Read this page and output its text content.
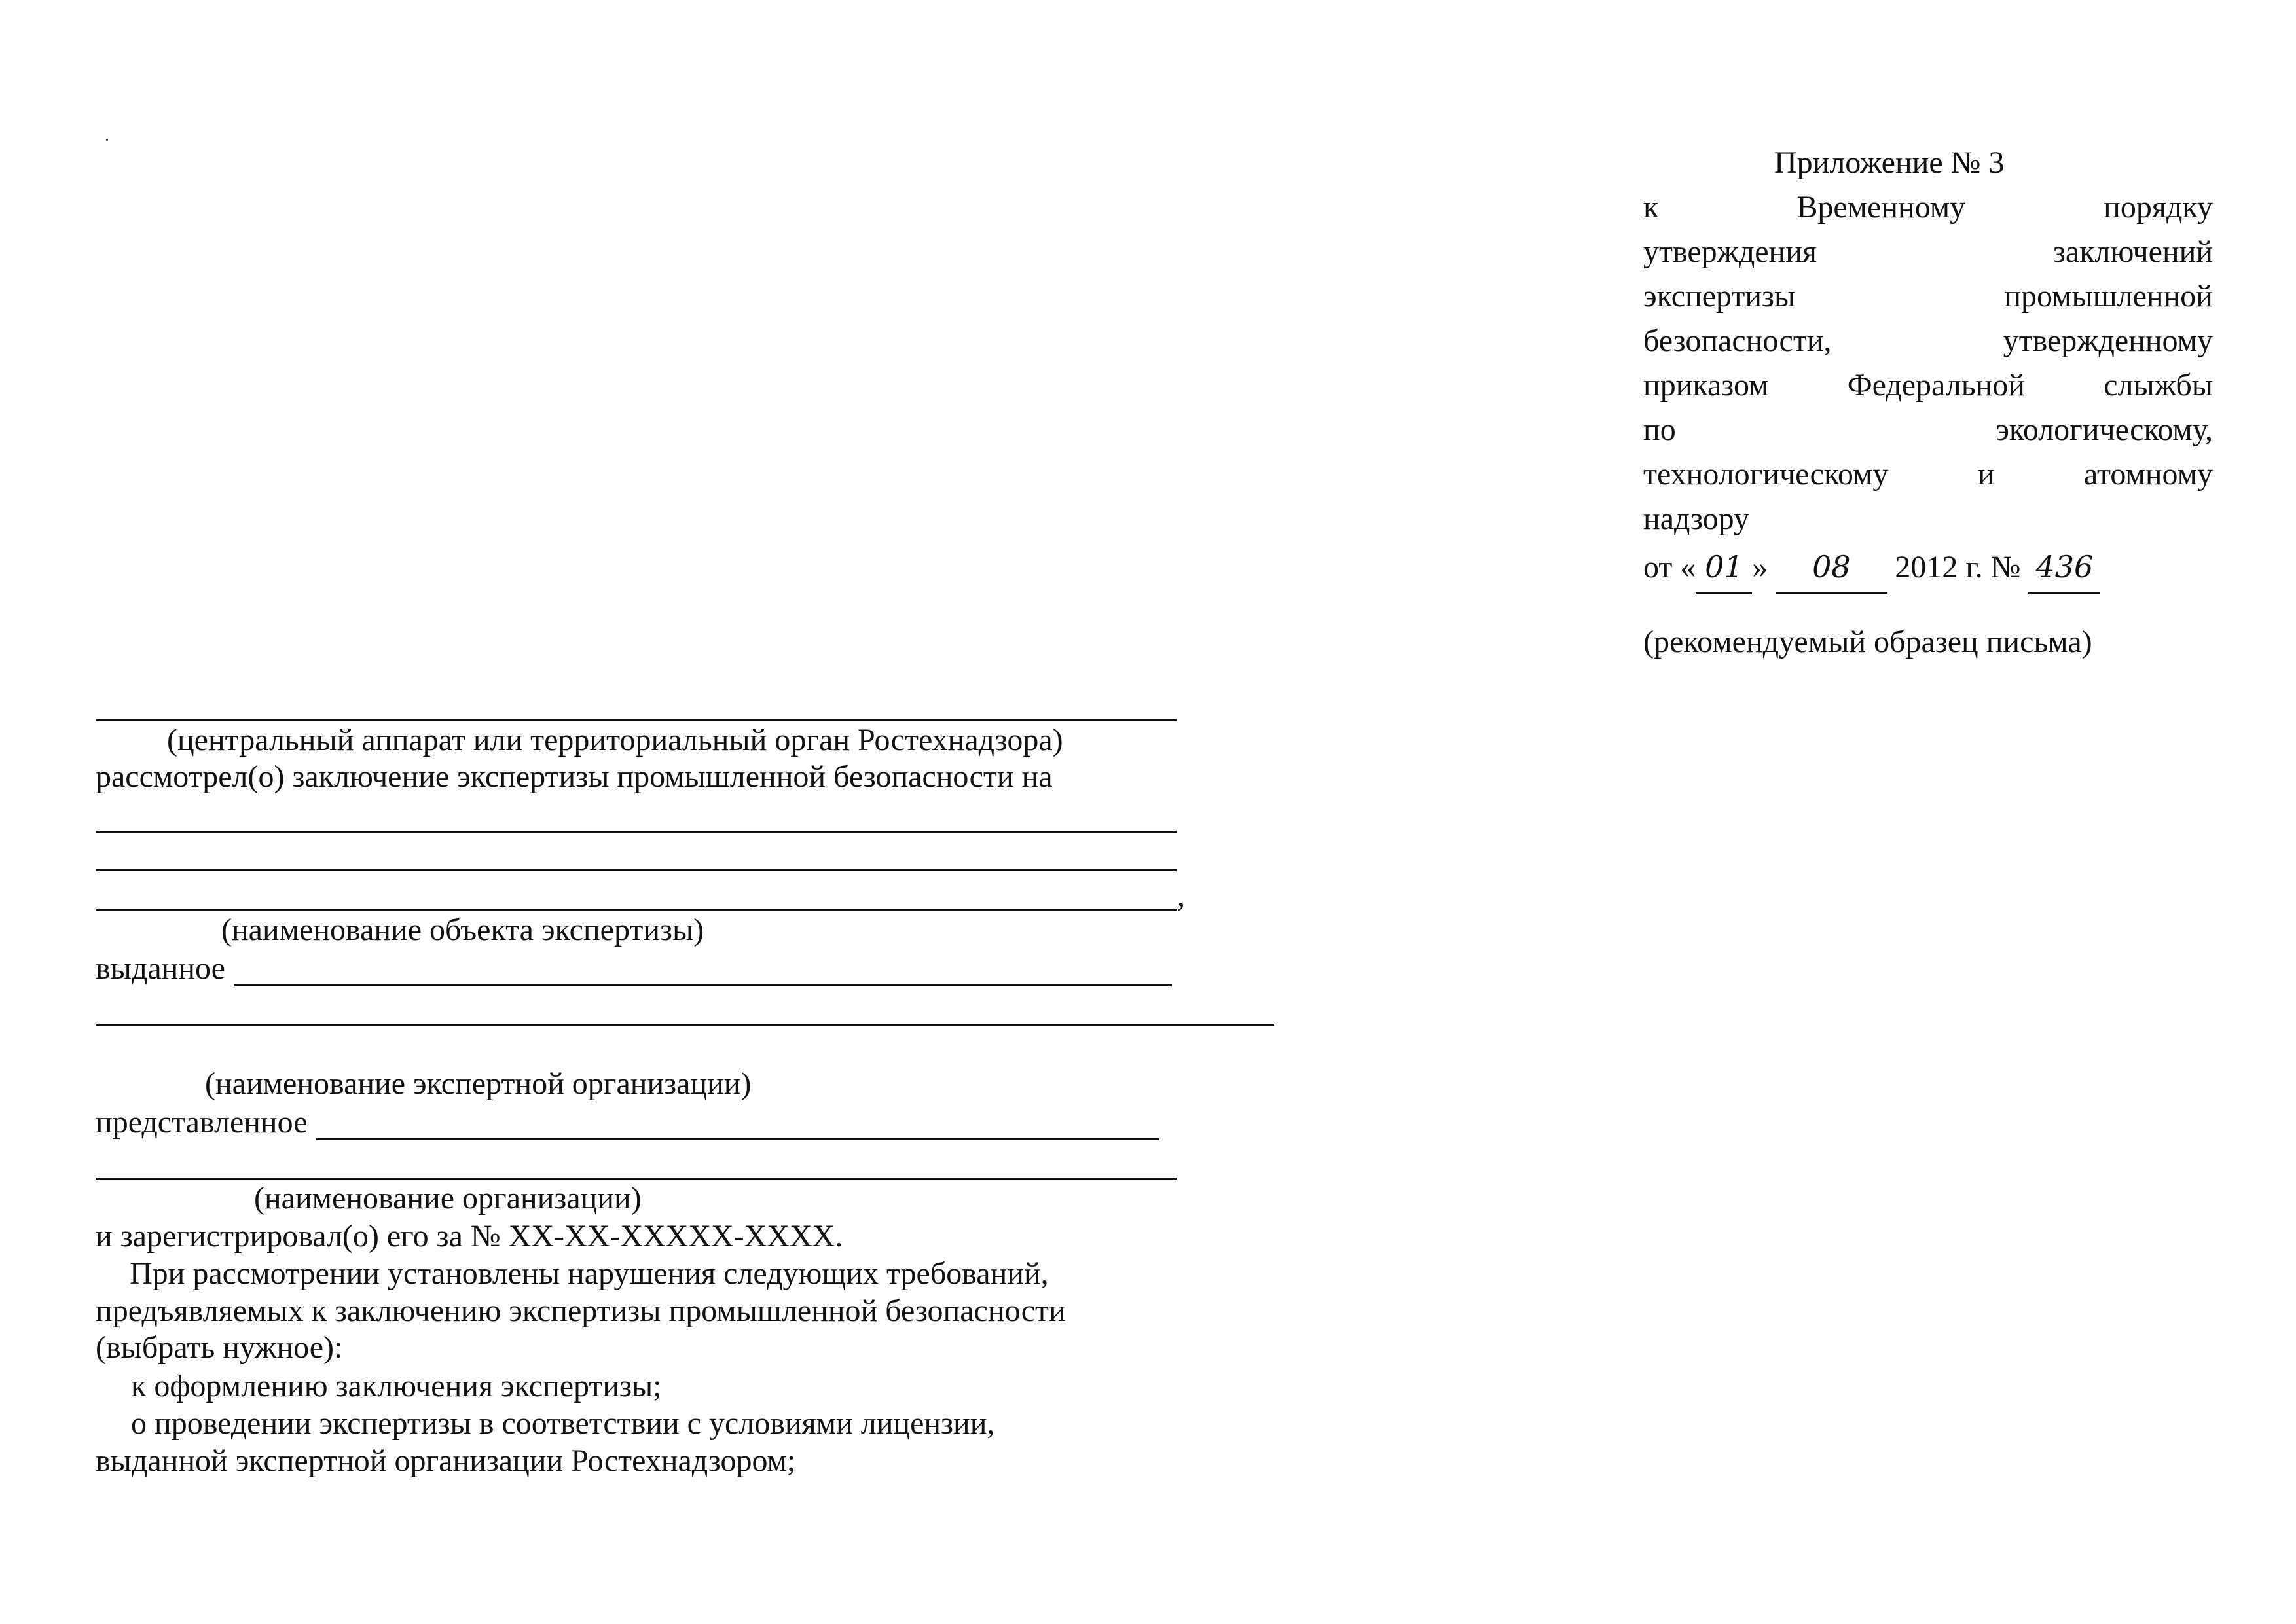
Приложение № 3
к	Временному	порядку
утверждения	заключений
экспертизы	промышленной
безопасности,	утвержденному
приказом	Федеральной	слыжбы
по	экологическому,
технологическому	и	атомному
надзору
от « 01 » 08 2012 г. № 436
(рекомендуемый образец письма)
(центральный аппарат или территориальный орган Ростехнадзора)
рассмотрел(о) заключение экспертизы промышленной безопасности на
,
(наименование объекта экспертизы)
выданное
(наименование экспертной организации)
представленное
(наименование организации)
и зарегистрировал(о) его за № XX-XX-XXXXX-XXXX.
При рассмотрении установлены нарушения следующих требований,
предъявляемых к заключению экспертизы промышленной безопасности
(выбрать нужное):
к оформлению заключения экспертизы;
о проведении экспертизы в соответствии с условиями лицензии,
выданной экспертной организации Ростехнадзором;
